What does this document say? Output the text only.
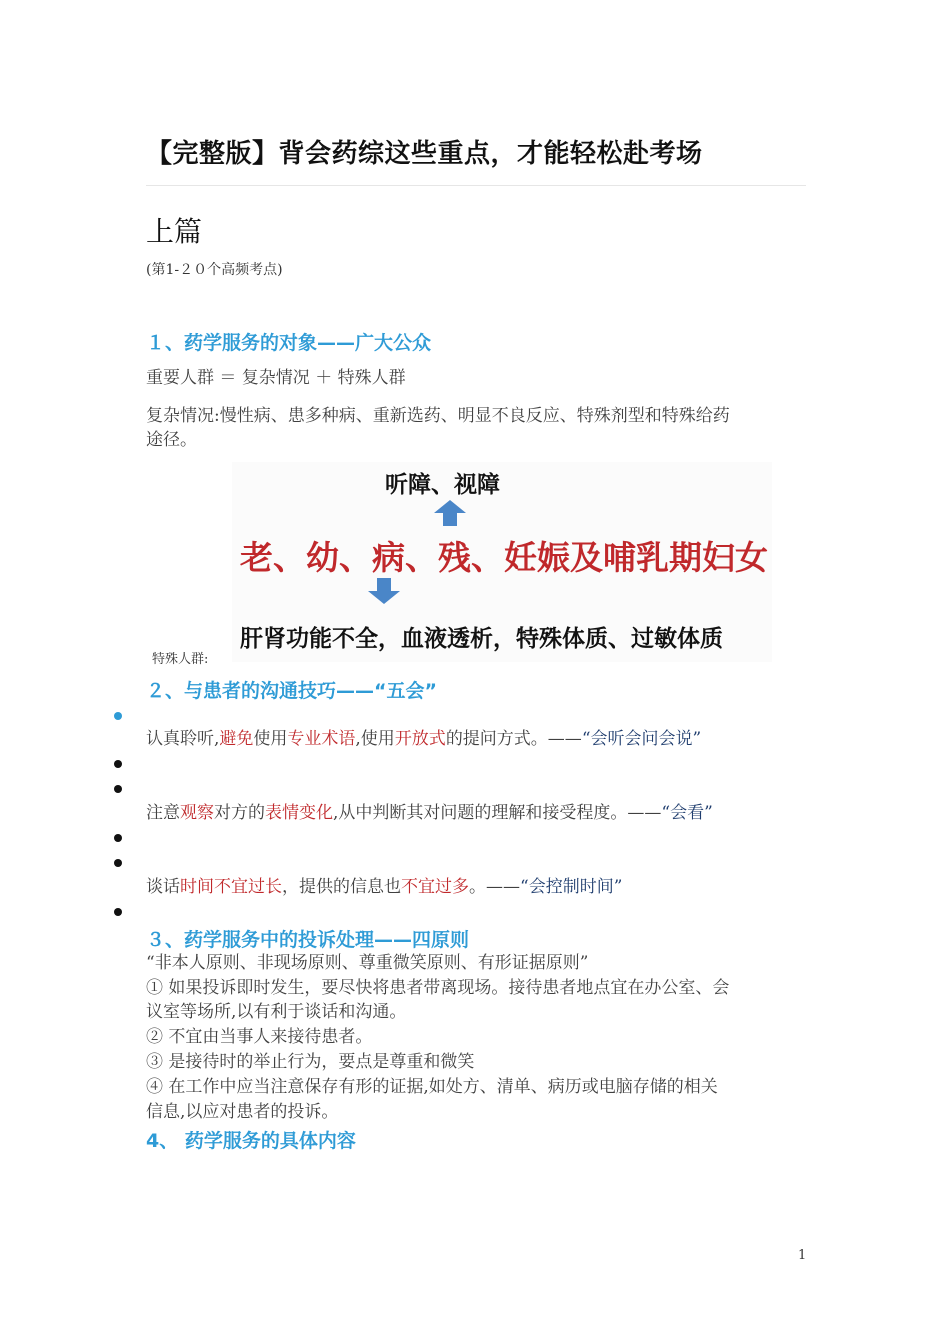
【完整版】背会药综这些重点，才能轻松赴考场
上篇
(第1-２０个高频考点)
１、药学服务的对象——广大公众
重要人群 ＝ 复杂情况 ＋ 特殊人群
复杂情况:慢性病、患多种病、重新选药、明显不良反应、特殊剂型和特殊给药
途径。
听障、视障
老、幼、病、残、妊娠及哺乳期妇女
肝肾功能不全，血液透析，特殊体质、过敏体质
特殊人群:
２、与患者的沟通技巧——“五会”
认真聆听,避免使用专业术语,使用开放式的提问方式。——“会听会问会说”
注意观察对方的表情变化,从中判断其对问题的理解和接受程度。——“会看”
谈话时间不宜过长，提供的信息也不宜过多。——“会控制时间”
３、药学服务中的投诉处理——四原则
“非本人原则、非现场原则、尊重微笑原则、有形证据原则”
① 如果投诉即时发生，要尽快将患者带离现场。接待患者地点宜在办公室、会
议室等场所,以有利于谈话和沟通。
② 不宜由当事人来接待患者。
③ 是接待时的举止行为，要点是尊重和微笑
④ 在工作中应当注意保存有形的证据,如处方、清单、病历或电脑存储的相关
信息,以应对患者的投诉。
4、 药学服务的具体内容
1
